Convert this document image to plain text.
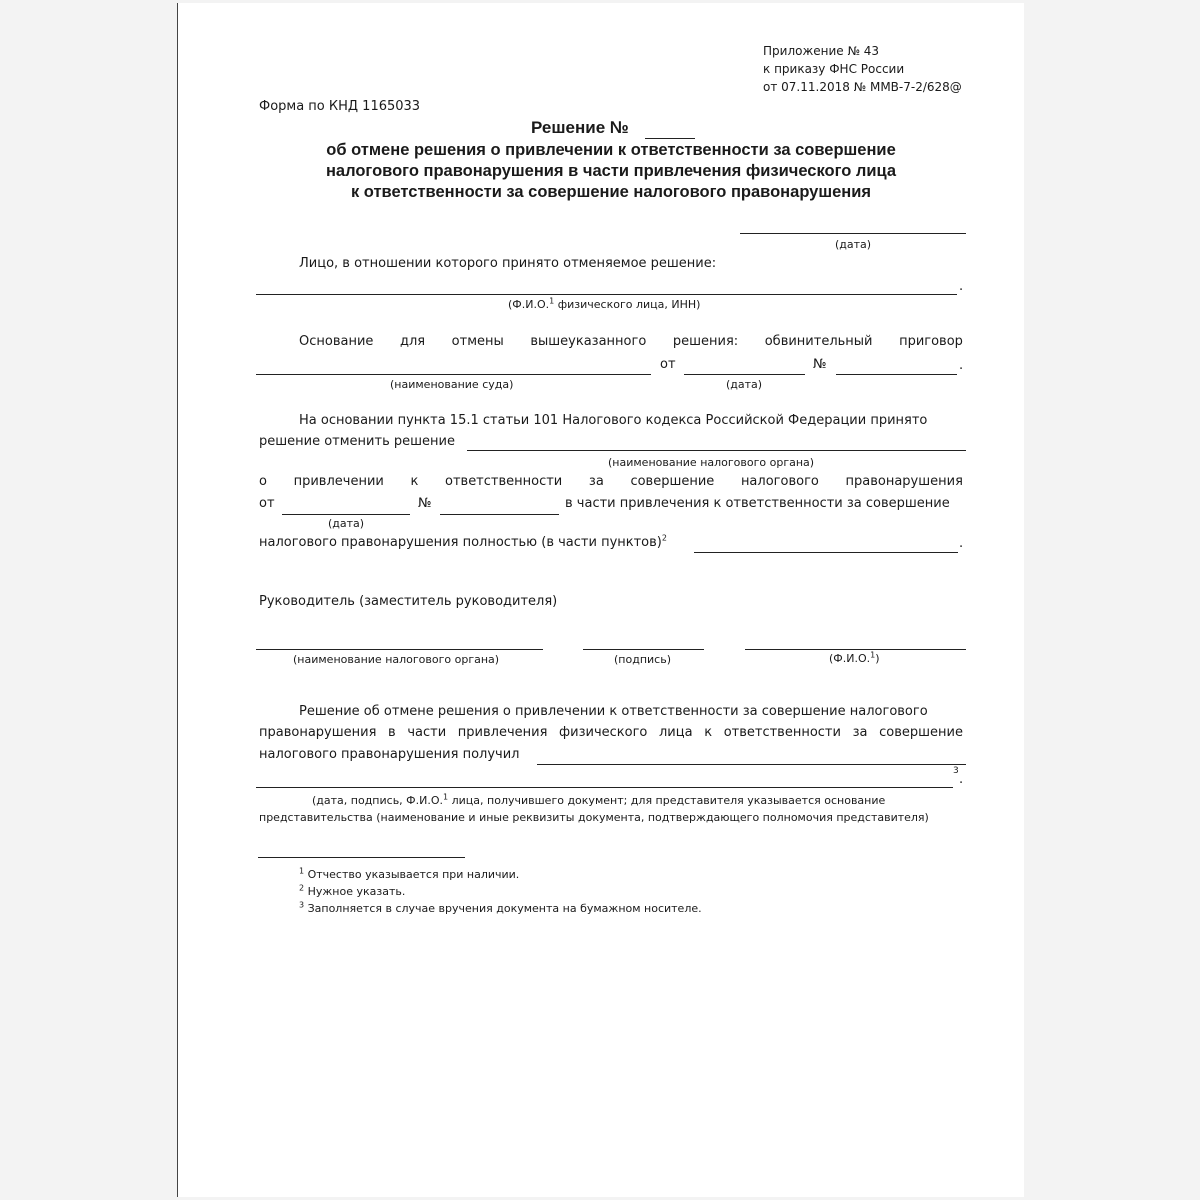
Приложение № 43
к приказу ФНС России
от 07.11.2018 № ММВ-7-2/628@
Форма по КНД 1165033
Решение №
об отмене решения о привлечении к ответственности за совершение
налогового правонарушения в части привлечения физического лица
к ответственности за совершение налогового правонарушения
(дата)
Лицо, в отношении которого принято отменяемое решение:
.
(Ф.И.О.$^1$ физического лица, ИНН)
Основание для отмены вышеуказанного решения: обвинительный приговор
от	№	.
(наименование суда)	(дата)
На основании пункта 15.1 статьи 101 Налогового кодекса Российской Федерации принято
решение отменить решение
(наименование налогового органа)
о привлечении к ответственности за совершение налогового правонарушения
от	№	в части привлечения к ответственности за совершение
(дата)
налогового правонарушения полностью (в части пунктов)$^2$	.
Руководитель (заместитель руководителя)
(наименование налогового органа)	(подпись)	(Ф.И.О.$^1$)
Решение об отмене решения о привлечении к ответственности за совершение налогового
правонарушения в части привлечения физического лица к ответственности за совершение
налогового правонарушения получил
3
.
(дата, подпись, Ф.И.О.$^1$ лица, получившего документ; для представителя указывается основание
представительства (наименование и иные реквизиты документа, подтверждающего полномочия представителя)
$^1$ Отчество указывается при наличии.
$^2$ Нужное указать.
$^3$ Заполняется в случае вручения документа на бумажном носителе.
